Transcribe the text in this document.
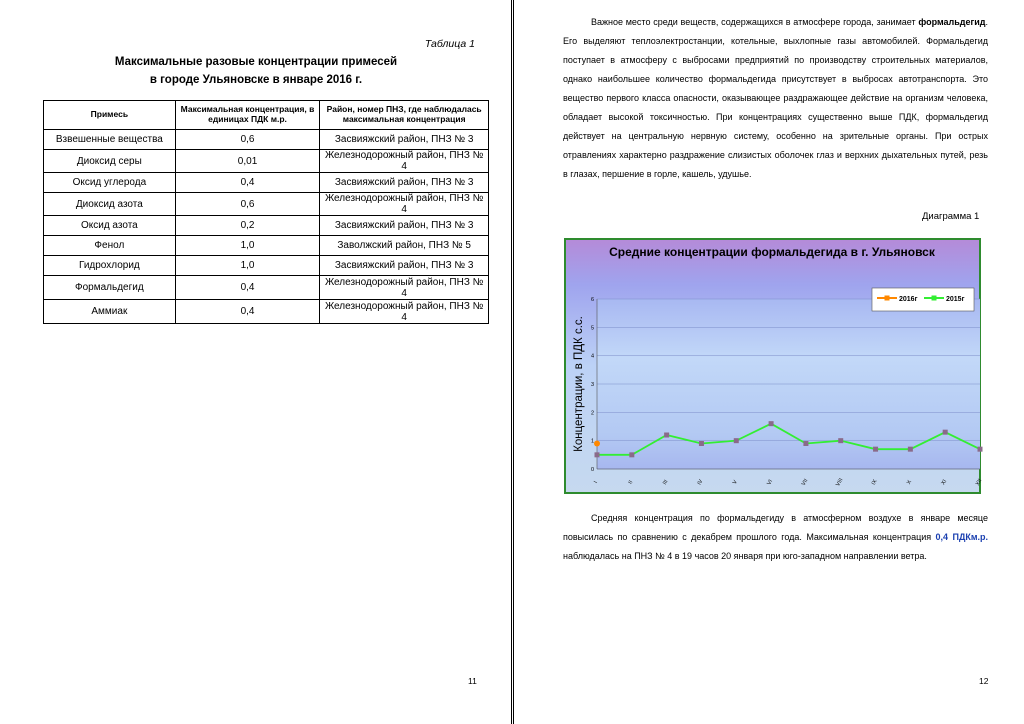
Таблица 1
Максимальные разовые концентрации примесей
в городе Ульяновске в январе 2016 г.
Примесь	Максимальная концентрация, в единицах ПДК м.р.	Район, номер ПНЗ, где наблюдалась максимальная концентрация
Взвешенные вещества	0,6	Засвияжский район, ПНЗ № 3
Диоксид серы	0,01	Железнодорожный район, ПНЗ № 4
Оксид углерода	0,4	Засвияжский район, ПНЗ № 3
Диоксид азота	0,6	Железнодорожный район, ПНЗ № 4
Оксид азота	0,2	Засвияжский район, ПНЗ № 3
Фенол	1,0	Заволжский район, ПНЗ № 5
Гидрохлорид	1,0	Засвияжский район, ПНЗ № 3
Формальдегид	0,4	Железнодорожный район, ПНЗ № 4
Аммиак	0,4	Железнодорожный район, ПНЗ № 4
11

Важное место среди веществ, содержащихся в атмосфере города, занимает формальдегид. Его выделяют теплоэлектростанции, котельные, выхлопные газы автомобилей. Формальдегид поступает в атмосферу с выбросами предприятий по производству строительных материалов, однако наибольшее количество формальдегида присутствует в выбросах автотранспорта. Это вещество первого класса опасности, оказывающее раздражающее действие на организм человека, обладает высокой токсичностью. При концентрациях существенно выше ПДК, формальдегид действует на центральную нервную систему, особенно на зрительные органы. При острых отравлениях характерно раздражение слизистых оболочек глаз и верхних дыхательных путей, резь в глазах, першение в горле, кашель, удушье.

Диаграмма 1
0
1
2
3
4
5
6
I	II	III	IV	V	VI	VII	VIII	IX	X	XI	XII
Средние концентрации формальдегида в г. Ульяновск
Концентрации, в ПДК с.с.
2016г	2015г

Средняя концентрация по формальдегиду в атмосферном воздухе в январе месяце повысилась по сравнению с декабрем прошлого года. Максимальная концентрация 0,4 ПДКм.р. наблюдалась на ПНЗ № 4 в 19 часов 20 января при юго-западном направлении ветра.

12
